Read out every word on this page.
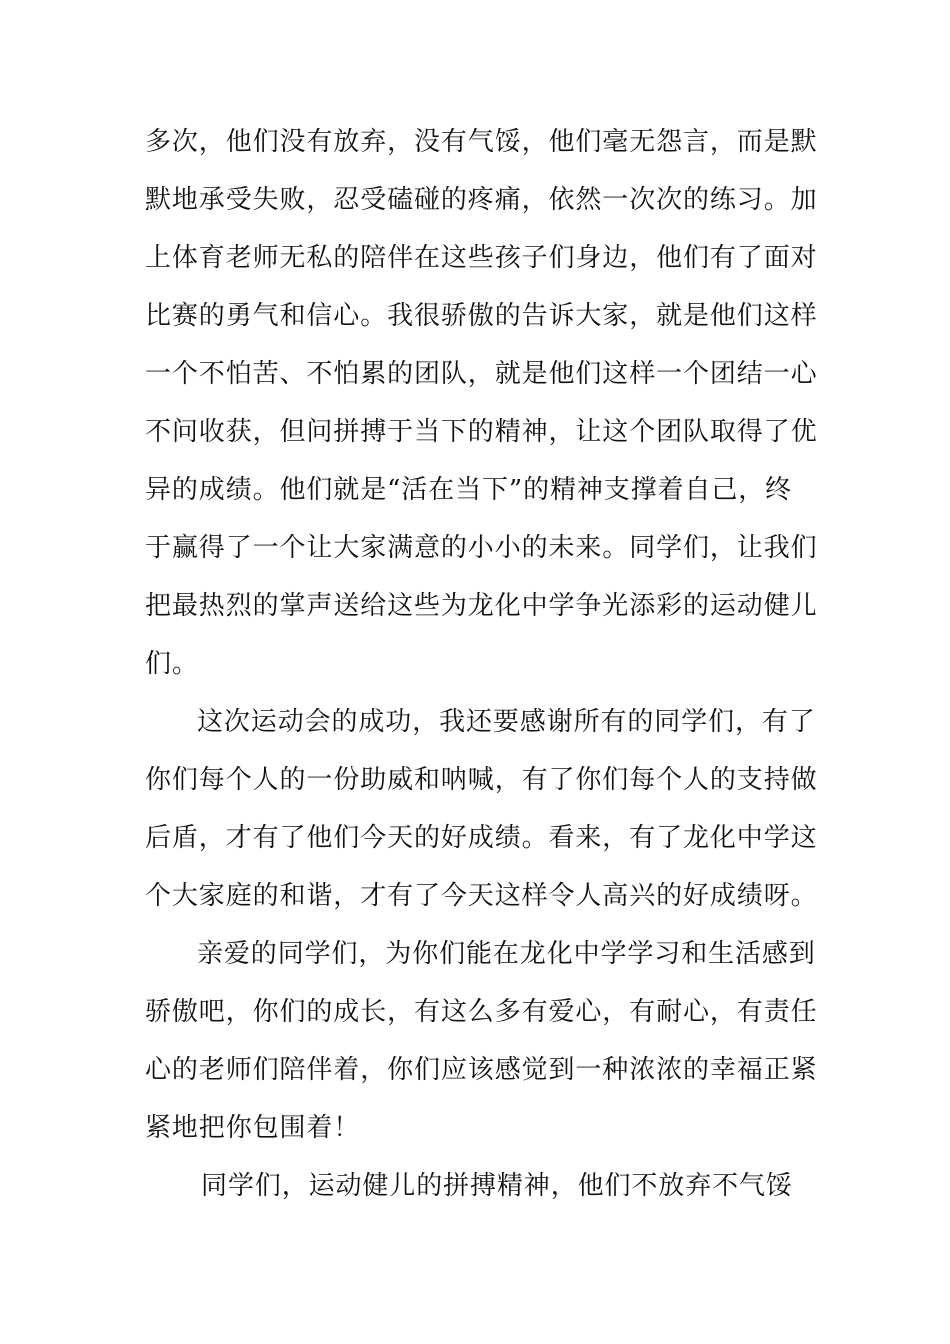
多次，他们没有放弃，没有气馁，他们毫无怨言，而是默
默地承受失败，忍受磕碰的疼痛，依然一次次的练习。加
上体育老师无私的陪伴在这些孩子们身边，他们有了面对
比赛的勇气和信心。我很骄傲的告诉大家，就是他们这样
一个不怕苦、不怕累的团队，就是他们这样一个团结一心
不问收获，但问拼搏于当下的精神，让这个团队取得了优
异的成绩。他们就是“活在当下”的精神支撑着自己，终
于赢得了一个让大家满意的小小的未来。同学们，让我们
把最热烈的掌声送给这些为龙化中学争光添彩的运动健儿
们。

这次运动会的成功，我还要感谢所有的同学们，有了
你们每个人的一份助威和呐喊，有了你们每个人的支持做
后盾，才有了他们今天的好成绩。看来，有了龙化中学这
个大家庭的和谐，才有了今天这样令人高兴的好成绩呀。

亲爱的同学们，为你们能在龙化中学学习和生活感到
骄傲吧，你们的成长，有这么多有爱心，有耐心，有责任
心的老师们陪伴着，你们应该感觉到一种浓浓的幸福正紧
紧地把你包围着！

同学们，运动健儿的拼搏精神，他们不放弃不气馁
